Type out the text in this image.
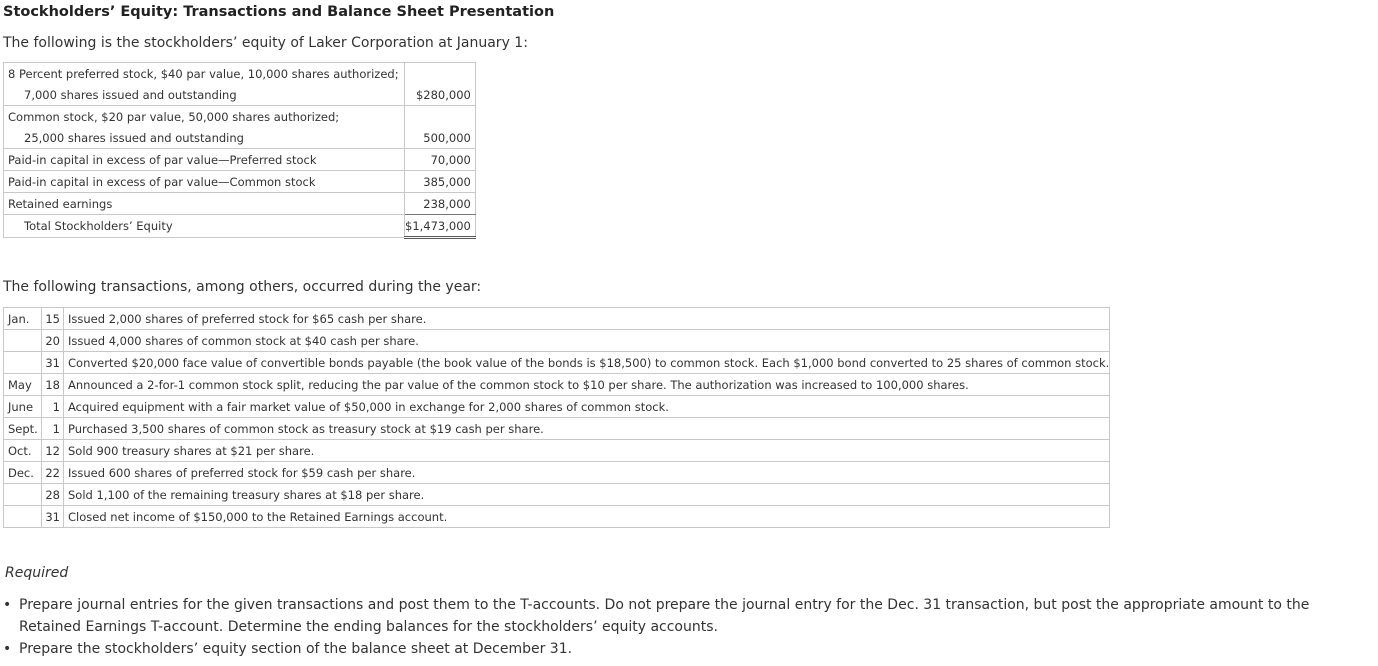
Stockholders’ Equity: Transactions and Balance Sheet Presentation
The following is the stockholders’ equity of Laker Corporation at January 1:
8 Percent preferred stock, $40 par value, 10,000 shares authorized;	
7,000 shares issued and outstanding	$280,000
Common stock, $20 par value, 50,000 shares authorized;	
25,000 shares issued and outstanding	500,000
Paid-in capital in excess of par value—Preferred stock	70,000
Paid-in capital in excess of par value—Common stock	385,000
Retained earnings	238,000
Total Stockholders’ Equity	$1,473,000
The following transactions, among others, occurred during the year:
Jan.	15	Issued 2,000 shares of preferred stock for $65 cash per share.
	20	Issued 4,000 shares of common stock at $40 cash per share.
	31	Converted $20,000 face value of convertible bonds payable (the book value of the bonds is $18,500) to common stock. Each $1,000 bond converted to 25 shares of common stock.
May	18	Announced a 2-for-1 common stock split, reducing the par value of the common stock to $10 per share. The authorization was increased to 100,000 shares.
June	1	Acquired equipment with a fair market value of $50,000 in exchange for 2,000 shares of common stock.
Sept.	1	Purchased 3,500 shares of common stock as treasury stock at $19 cash per share.
Oct.	12	Sold 900 treasury shares at $21 per share.
Dec.	22	Issued 600 shares of preferred stock for $59 cash per share.
	28	Sold 1,100 of the remaining treasury shares at $18 per share.
	31	Closed net income of $150,000 to the Retained Earnings account.
Required
• Prepare journal entries for the given transactions and post them to the T-accounts. Do not prepare the journal entry for the Dec. 31 transaction, but post the appropriate amount to the Retained Earnings T-account. Determine the ending balances for the stockholders’ equity accounts.
• Prepare the stockholders’ equity section of the balance sheet at December 31.
